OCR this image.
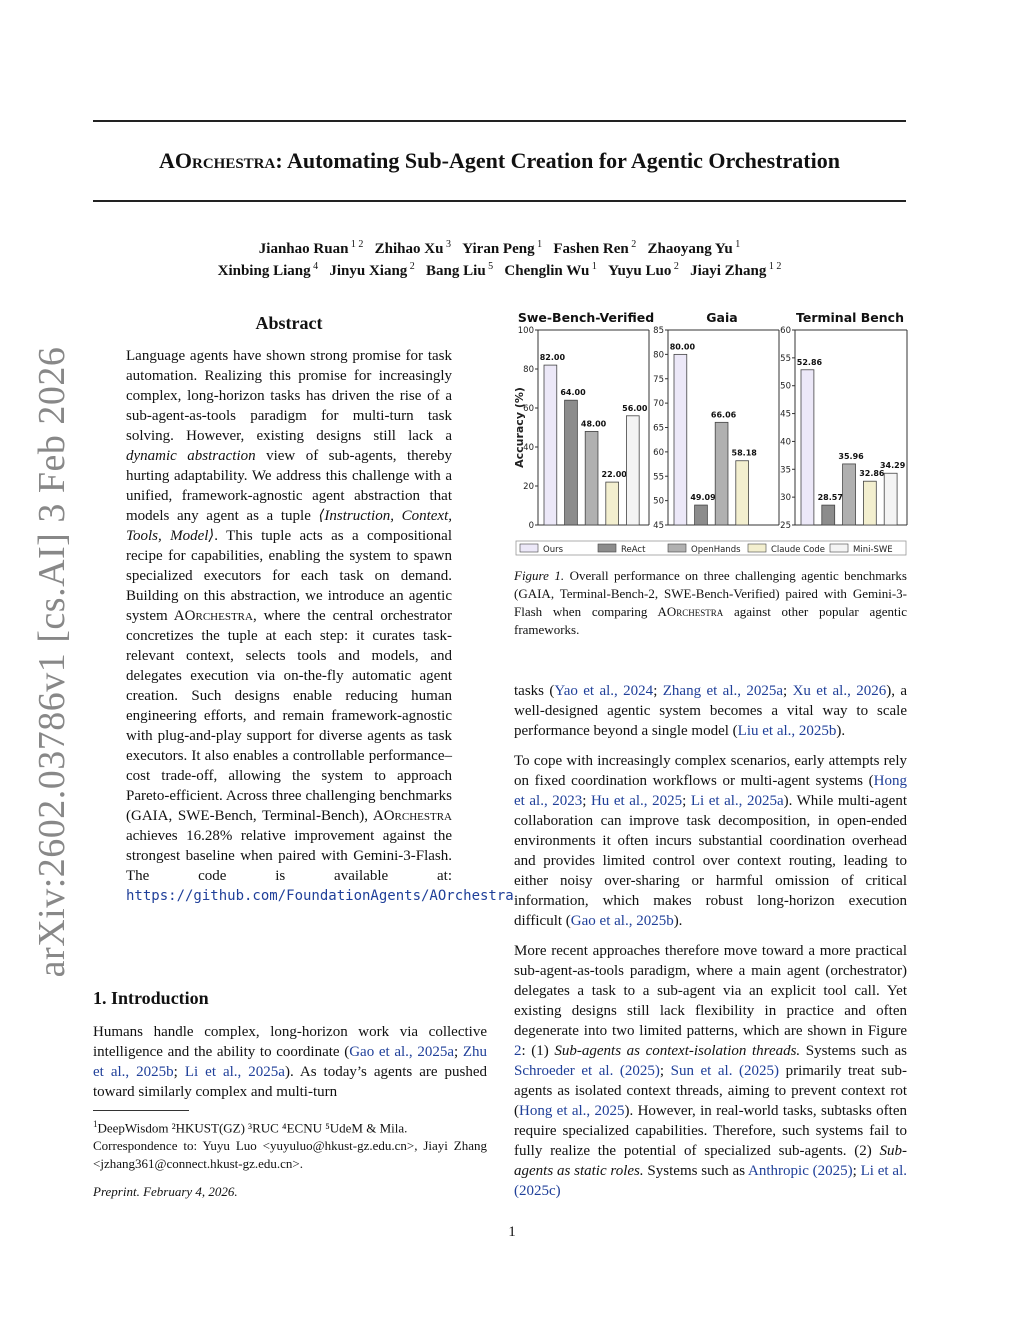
AOrchestra: Automating Sub-Agent Creation for Agentic Orchestration
Jianhao Ruan $^{1 2}$ Zhihao Xu $^3$ Yiran Peng $^1$ Fashen Ren $^2$ Zhaoyang Yu $^1$
Xinbing Liang $^4$ Jinyu Xiang $^2$ Bang Liu $^5$ Chenglin Wu $^1$ Yuyu Luo $^2$ Jiayi Zhang $^{1 2}$
arXiv:2602.03786v1 [cs.AI] 3 Feb 2026
Abstract
Language agents have shown strong promise for task automation. Realizing this promise for increasingly complex, long-horizon tasks has driven the rise of a sub-agent-as-tools paradigm for multi-turn task solving. However, existing designs still lack a dynamic abstraction view of sub-agents, thereby hurting adaptability. We address this challenge with a unified, framework-agnostic agent abstraction that models any agent as a tuple ⟨Instruction, Context, Tools, Model⟩. This tuple acts as a compositional recipe for capabilities, enabling the system to spawn specialized executors for each task on demand. Building on this abstraction, we introduce an agentic system AOrchestra, where the central orchestrator concretizes the tuple at each step: it curates task-relevant context, selects tools and models, and delegates execution via on-the-fly automatic agent creation. Such designs enable reducing human engineering efforts, and remain framework-agnostic with plug-and-play support for diverse agents as task executors. It also enables a controllable performance–cost trade-off, allowing the system to approach Pareto-efficient. Across three challenging benchmarks (GAIA, SWE-Bench, Terminal-Bench), AOrchestra achieves 16.28% relative improvement against the strongest baseline when paired with Gemini-3-Flash. The code is available at: https://github.com/FoundationAgents/AOrchestra
1. Introduction
Humans handle complex, long-horizon work via collective intelligence and the ability to coordinate (Gao et al., 2025a; Zhu et al., 2025b; Li et al., 2025a). As today’s agents are pushed toward similarly complex and multi-turn
$^1$DeepWisdom ²HKUST(GZ) ³RUC ⁴ECNU ⁵UdeM & Mila.
Correspondence to: Yuyu Luo <yuyuluo@hkust-gz.edu.cn>, Jiayi Zhang <jzhang361@connect.hkust-gz.edu.cn>.
Preprint. February 4, 2026.
Accuracy (%)
Swe-Bench-Verified
0
20
40
60
80
100
82.00
64.00
48.00
22.00
56.00
Gaia
45
50
55
60
65
70
75
80
85
80.00
49.09
66.06
58.18
Terminal Bench
25
30
35
40
45
50
55
60
52.86
28.57
35.96
32.86
34.29
Ours	ReAct	OpenHands	Claude Code	Mini-SWE
Figure 1. Overall performance on three challenging agentic benchmarks (GAIA, Terminal-Bench-2, SWE-Bench-Verified) paired with Gemini-3-Flash when comparing AOrchestra against other popular agentic frameworks.

tasks (Yao et al., 2024; Zhang et al., 2025a; Xu et al., 2026), a well-designed agentic system becomes a vital way to scale performance beyond a single model (Liu et al., 2025b).

To cope with increasingly complex scenarios, early attempts rely on fixed coordination workflows or multi-agent systems (Hong et al., 2023; Hu et al., 2025; Li et al., 2025a). While multi-agent collaboration can improve task decomposition, in open-ended environments it often incurs substantial coordination overhead and provides limited control over context routing, leading to either noisy over-sharing or harmful omission of critical information, which makes robust long-horizon execution difficult (Gao et al., 2025b).

More recent approaches therefore move toward a more practical sub-agent-as-tools paradigm, where a main agent (orchestrator) delegates a task to a sub-agent via an explicit tool call. Yet existing designs still lack flexibility in practice and often degenerate into two limited patterns, which are shown in Figure 2: (1) Sub-agents as context-isolation threads. Systems such as Schroeder et al. (2025); Sun et al. (2025) primarily treat sub-agents as isolated context threads, aiming to prevent context rot (Hong et al., 2025). However, in real-world tasks, subtasks often require specialized capabilities. Therefore, such systems fail to fully realize the potential of specialized sub-agents. (2) Sub-agents as static roles. Systems such as Anthropic (2025); Li et al. (2025c)

1
